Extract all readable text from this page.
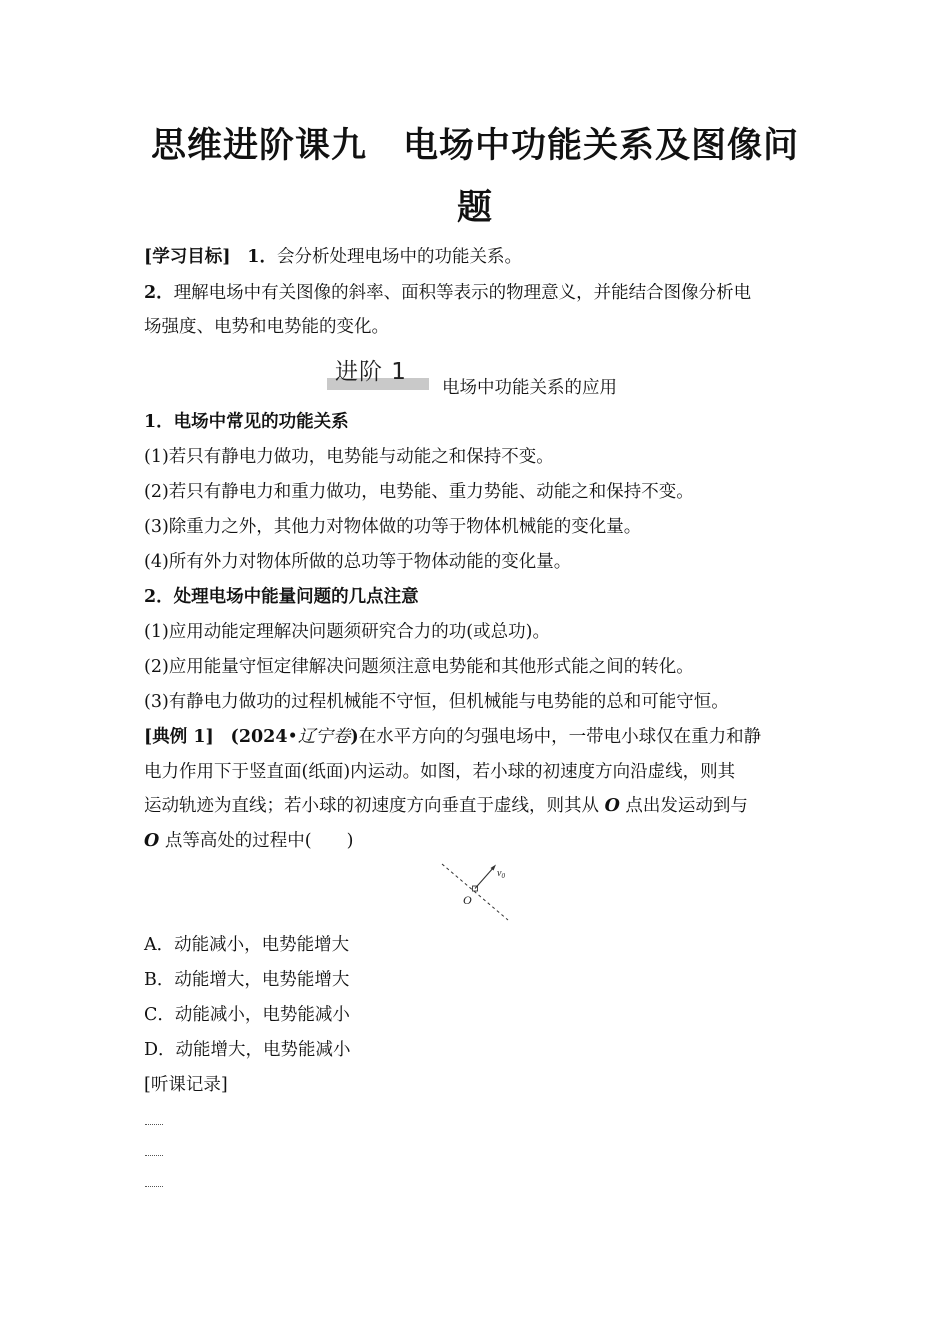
思维进阶课九　电场中功能关系及图像问
题
[学习目标] 1．会分析处理电场中的功能关系。
2．理解电场中有关图像的斜率、面积等表示的物理意义，并能结合图像分析电
场强度、电势和电势能的变化。
进阶 1
电场中功能关系的应用
1．电场中常见的功能关系
(1)若只有静电力做功，电势能与动能之和保持不变。
(2)若只有静电力和重力做功，电势能、重力势能、动能之和保持不变。
(3)除重力之外，其他力对物体做的功等于物体机械能的变化量。
(4)所有外力对物体所做的总功等于物体动能的变化量。
2．处理电场中能量问题的几点注意
(1)应用动能定理解决问题须研究合力的功(或总功)。
(2)应用能量守恒定律解决问题须注意电势能和其他形式能之间的转化。
(3)有静电力做功的过程机械能不守恒，但机械能与电势能的总和可能守恒。
[典例 1] (2024•辽宁卷)在水平方向的匀强电场中，一带电小球仅在重力和静
电力作用下于竖直面(纸面)内运动。如图，若小球的初速度方向沿虚线，则其
运动轨迹为直线；若小球的初速度方向垂直于虚线，则其从 O 点出发运动到与
O 点等高处的过程中(　　)
$v_0$
O
A．动能减小，电势能增大
B．动能增大，电势能增大
C．动能减小，电势能减小
D．动能增大，电势能减小
[听课记录]
